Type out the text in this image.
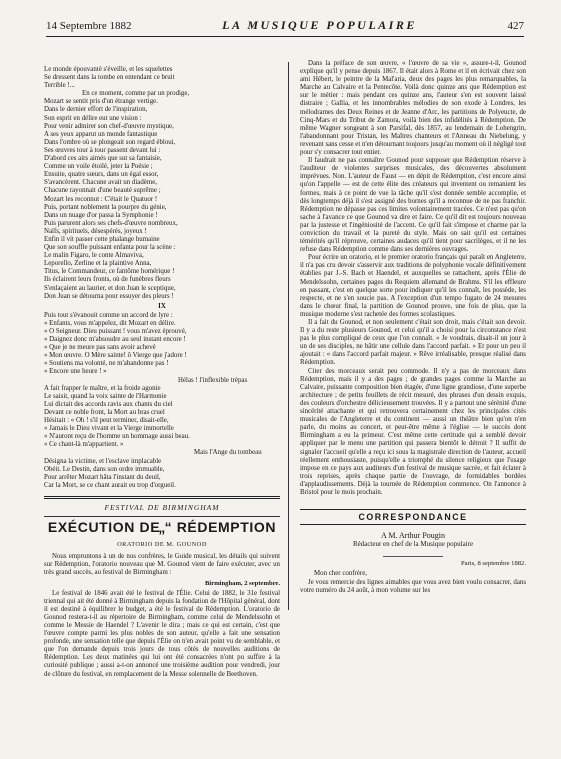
14 Septembre 1882	LA MUSIQUE POPULAIRE	427

Le monde épouvanté s'éveille, et les squelettes

Se dressent dans la tombe en entendant ce bruit

Terrible !...

En ce moment, comme par un prodige,

Mozart se sentit pris d'un étrange vertige.

Dans le dernier effort de l'inspiration,

Son esprit en délire eut une vision :

Pour venir admirer son chef-d'œuvre mystique,

A ses yeux apparut un monde fantastique

Dans l'ombre où se plongeait son regard ébloui,

Ses œuvres tour à tour passent devant lui :

D'abord ces airs aimés que sut sa fantaisie,

Comme un voile étoilé, jeter la Poésie ;

Ensuite, quatre sœurs, dans un égal essor,

S'avancèrent. Chacune avait un diadème,

Chacune rayonnait d'une beauté suprême ;

Mozart les reconnut : C'était le Quatuor !

Puis, portant noblement la pourpre du génie,

Dans un nuage d'or passa la Symphonie !

Puis parurent alors ses chefs-d'œuvre nombreux,

Naïfs, spirituels, désespérés, joyeux !

Enfin il vit passer cette phalange humaine

Que son souffle puissant enfanta pour la scène :

Le malin Figaro, le conte Almaviva,

Leporello, Zerline et la plaintive Anna,

Titus, le Commandeur, ce fantôme homérique !

Ils éclairent leurs fronts, où de funèbres fleurs

S'enlaçaient au laurier, et don Juan le sceptique,

Don Juan se détourna pour essuyer des pleurs !

IX

Puis tout s'évanouit comme un accord de lyre :

« Enfants, vous m'appelez, dit Mozart en délire.

« O Seigneur. Dieu puissant ! vous m'avez éprouvé,

« Daignez donc m'absoudre au seul instant encore !

« Que je ne meure pas sans avoir achevé

« Mon œuvre. O Mère sainte! ô Vierge que j'adore !

« Soutiens ma volonté, ne m'abandonne pas !

« Encore une heure ! »

Hélas ! l'inflexible trépas

A fait frapper le maître, et la froide agonie

Le saisit, quand la voix sainte de l'Harmonie

Lui dictait des accords ravis aux chants du ciel

Devant ce noble front, la Mort au bras cruel

Hésitait : « Oh ! s'il peut terminer, disait-elle,

« Jamais le Dieu vivant et la Vierge immortelle

« N'auront reçu de l'homme un hommage aussi beau.

« Ce chant-là m'appartient. »

Mais l'Ange du tombeau

Désigna la victime, et l'esclave implacable

Obéit. Le Destin, dans son ordre immuable,

Pour arrêter Mozart hâta l'instant du deuil,

Car la Mort, se ce chant aurait eu trop d'orgueil.

FESTIVAL DE BIRMINGHAM
EXÉCUTION DE “ RÉDEMPTION ”
ORATORIO DE M. GOUNOD

Nous empruntons à un de nos confrères, le Guide musical, les détails qui suivent sur Rédemption, l'oratorio nouveau que M. Gounod vient de faire exécuter, avec un très grand succès, au festival de Birmingham :

Birmingham, 2 septembre.

Le festival de 1846 avait été le festival de l'Élie. Celui de 1882, le 31e festival triennal qui ait été donné à Birmingham depuis la fondation de l'Hôpital général, dont il est destiné à équilibrer le budget, a été le festival de Rédemption. L'oratorio de Gounod restera-t-il au répertoire de Birmingham, comme celui de Mendelssohn et comme le Messie de Haendel ? L'avenir le dira ; mais ce qui est certain, c'est que l'œuvre compte parmi les plus nobles de son auteur, qu'elle a fait une sensation profonde, une sensation telle que depuis l'Élie on n'en avait point vu de semblable, et que l'on demande depuis trois jours de tous côtés de nouvelles auditions de Rédemption. Les deux matinées qui lui ont été consacrées n'ont pu suffire à la curiosité publique ; aussi a-t-on annoncé une troisième audition pour vendredi, jour de clôture du festival, en remplacement de la Messe solennelle de Beethoven.

Dans la préface de son œuvre, « l'œuvre de sa vie », assure-t-il, Gounod explique qu'il y pense depuis 1867. Il était alors à Rome et il en écrivait chez son ami Hébert, le peintre de la Mal'aria, deux des pages les plus remarquables, la Marche au Calvaire et la Pentecôte. Voilà donc quinze ans que Rédemption est sur le métier : mais pendant ces quinze ans, l'auteur s'en est souvent laissé distraire ; Gallia, et les innombrables mélodies de son exode à Londres, les mélodrames des Deux Reines et de Jeanne d'Arc, les partitions de Polyeucte, de Cinq-Mars et du Tribut de Zamora, voilà bien des infidélités à Rédemption. De même Wagner songeant à son Parsifal, dès 1857, au lendemain de Lohengrin, l'abandonnant pour Tristan, les Maîtres chanteurs et l'Anneau du Niebelung, y revenant sans cesse et n'en détournant toujours jusqu'au moment où il négligé tout pour s'y consacrer tout entier.

Il faudrait ne pas connaître Gounod pour supposer que Rédemption réserve à l'auditeur de violentes surprises musicales, des découvertes absolument imprévues. Non. L'auteur de Faust — en dépit de Rédemption, c'est encore ainsi qu'on l'appelle — est de cette élite des créateurs qui inventent ou remanient les formes, mais à ce point de vue la tâche qu'il s'est donnée semble accomplie, et dès longtemps déjà il s'est assigné des bornes qu'il a reconnue de ne pas franchir. Rédemption ne dépasse pas ces limites volontairement tracées. Ce n'est pas qu'on sache à l'avance ce que Gounod va dire et faire. Ce qu'il dit est toujours nouveau par la justesse et l'ingéniosité de l'accent. Ce qu'il fait s'impose et charme par la conviction du travail et la pureté du style. Mais on sait qu'il est certaines témérités qu'il réprouve, certaines audaces qu'il tient pour sacrilèges, et il ne les refuse dans Rédemption comme dans ses dernières ouvrages.

Pour écrire un oratorio, et le premier oratorio français qui paraît en Angleterre, il n'a pas cru devoir s'asservir aux traditions de polyphonie vocale définitivement établies par J.-S. Bach et Haendel, et auxquelles se rattachent, après l'Élie de Mendelssohn, certaines pages du Requiem allemand de Brahms. S'il les effleure en passant, c'est en quelque sorte pour indiquer qu'il les connaît, les possède, les respecte, et ne s'en soucie pas. A l'exception d'un tempo fugato de 24 mesures dans le chœur final, la partition de Gounod prouve, une fois de plus, que la musique moderne s'est rachetée des formes scolastiques.

Il a fait du Gounod, et non seulement c'était son droit, mais c'était son devoir. Il y a du reste plusieurs Gounod, et celui qu'il a choisi pour la circonstance n'est pas le plus compliqué de ceux que l'on connaît. « Je voudrais, disait-il un jour à un de ses disciples, ne bâtir une cellule dans l'accord parfait. » Et pour un peu il ajoutait : « dans l'accord parfait majeur. » Rêve irréalisable, presque réalisé dans Rédemption.

Citer des morceaux serait peu commode. Il n'y a pas de morceaux dans Rédemption, mais il y a des pages ; de grandes pages comme la Marche au Calvaire, puissante composition bien étagée, d'une ligne grandiose, d'une superbe architecture ; de petits feuillets de récit mesuré, des phrases d'un dessin exquis, des couleurs d'orchestre délicieusement trouvées. Il y a partout une sérénité d'une sincérité attachante et qui retrouvera certainement chez les principales cités musicales de l'Angleterre et du continent — aussi un théâtre bien qu'on n'en parle, du moins au concert, et peut-être même à l'église — le succès dont Birmingham a eu la primeur. C'est même cette certitude qui a semblé devoir appliquer par le menu une partition qui passera bientôt le détroit ? Il suffit de signaler l'accueil qu'elle a reçu ici sous la magistrale direction de l'auteur, accueil réellement enthousiaste, puisqu'elle a triomphé du silence religieux que l'usage impose en ce pays aux auditeurs d'un festival de musique sacrée, et fait éclater à trois reprises, après chaque partie de l'ouvrage, de formidables bordées d'applaudissements. Déjà la tournée de Rédemption commence. On l'annonce à Bristol pour le mois prochain.

CORRESPONDANCE
A M. Arthur Pougin
Rédacteur en chef de la Musique populaire
Paris, 8 septembre 1882.
Mon cher confrère,

Je vous remercie des lignes aimables que vous avez bien voulu consacrer, dans votre numéro du 24 août, à mon volume sur les
